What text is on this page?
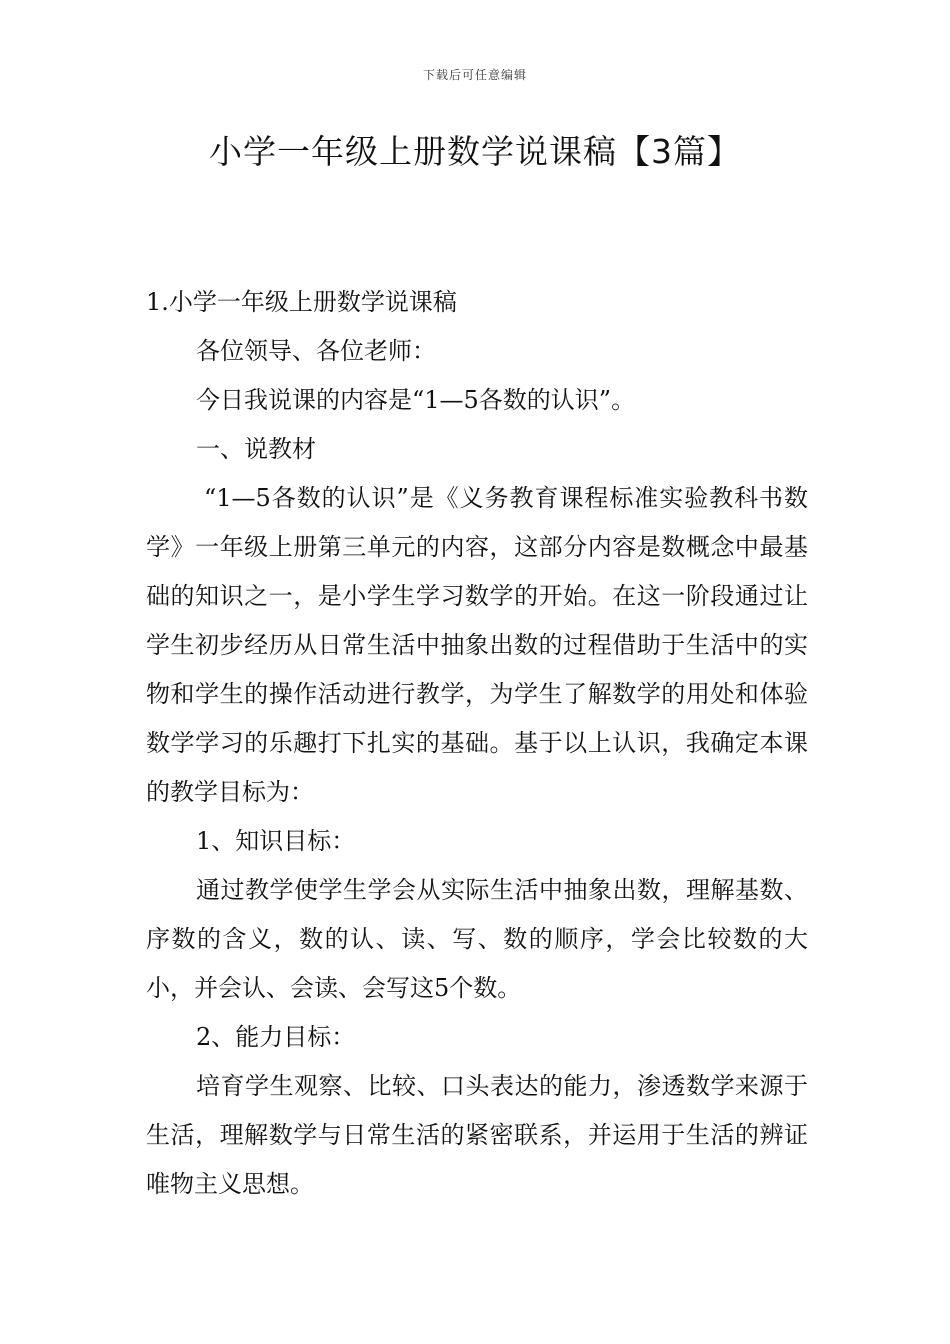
下载后可任意编辑
小学一年级上册数学说课稿【3篇】

1.小学一年级上册数学说课稿

各位领导、各位老师：

今日我说课的内容是“1—5各数的认识”。

一、说教材

“1—5各数的认识”是《义务教育课程标准实验教科书数学》一年级上册第三单元的内容，这部分内容是数概念中最基础的知识之一，是小学生学习数学的开始。在这一阶段通过让学生初步经历从日常生活中抽象出数的过程借助于生活中的实物和学生的操作活动进行教学，为学生了解数学的用处和体验数学学习的乐趣打下扎实的基础。基于以上认识，我确定本课的教学目标为：

1、知识目标：

通过教学使学生学会从实际生活中抽象出数，理解基数、序数的含义，数的认、读、写、数的顺序，学会比较数的大小，并会认、会读、会写这5个数。

2、能力目标：

培育学生观察、比较、口头表达的能力，渗透数学来源于生活，理解数学与日常生活的紧密联系，并运用于生活的辨证唯物主义思想。
